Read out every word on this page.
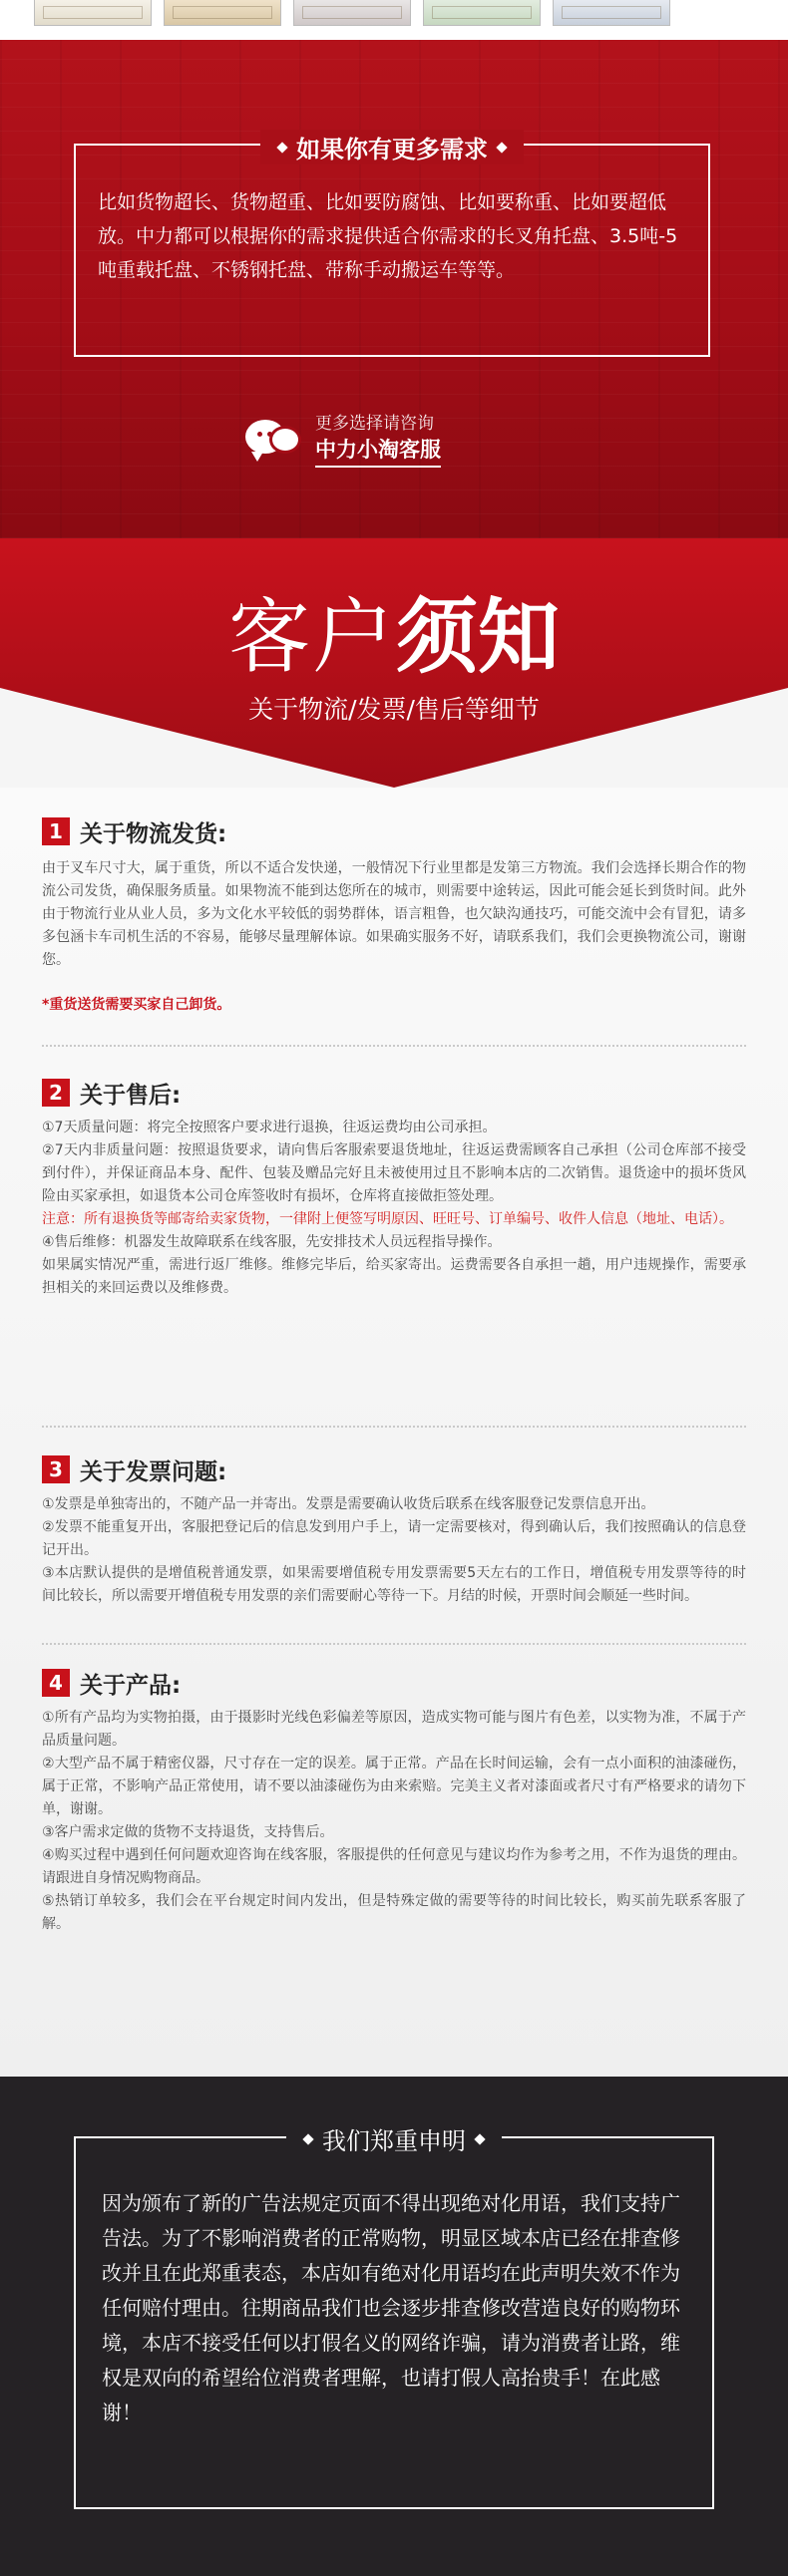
如果你有更多需求
比如货物超长、货物超重、比如要防腐蚀、比如要称重、比如要超低放。中力都可以根据你的需求提供适合你需求的长叉角托盘、3.5吨-5吨重载托盘、不锈钢托盘、带称手动搬运车等等。
更多选择请咨询
中力小淘客服
客户须知
关于物流/发票/售后等细节
1 关于物流发货:
由于叉车尺寸大，属于重货，所以不适合发快递，一般情况下行业里都是发第三方物流。我们会选择长期合作的物流公司发货，确保服务质量。如果物流不能到达您所在的城市，则需要中途转运，因此可能会延长到货时间。此外由于物流行业从业人员，多为文化水平较低的弱势群体，语言粗鲁，也欠缺沟通技巧，可能交流中会有冒犯，请多多包涵卡车司机生活的不容易，能够尽量理解体谅。如果确实服务不好，请联系我们，我们会更换物流公司，谢谢您。
*重货送货需要买家自己卸货。
2 关于售后:
①7天质量问题：将完全按照客户要求进行退换，往返运费均由公司承担。
②7天内非质量问题：按照退货要求，请向售后客服索要退货地址，往返运费需顾客自己承担（公司仓库部不接受到付件），并保证商品本身、配件、包装及赠品完好且未被使用过且不影响本店的二次销售。退货途中的损坏货风险由买家承担，如退货本公司仓库签收时有损坏，仓库将直接做拒签处理。
注意：所有退换货等邮寄给卖家货物，一律附上便签写明原因、旺旺号、订单编号、收件人信息（地址、电话）。
④售后维修：机器发生故障联系在线客服，先安排技术人员远程指导操作。
如果属实情况严重，需进行返厂维修。维修完毕后，给买家寄出。运费需要各自承担一趟，用户违规操作，需要承担相关的来回运费以及维修费。
3 关于发票问题:
①发票是单独寄出的，不随产品一并寄出。发票是需要确认收货后联系在线客服登记发票信息开出。
②发票不能重复开出，客服把登记后的信息发到用户手上，请一定需要核对，得到确认后，我们按照确认的信息登记开出。
③本店默认提供的是增值税普通发票，如果需要增值税专用发票需要5天左右的工作日，增值税专用发票等待的时间比较长，所以需要开增值税专用发票的亲们需要耐心等待一下。月结的时候，开票时间会顺延一些时间。
4 关于产品:
①所有产品均为实物拍摄，由于摄影时光线色彩偏差等原因，造成实物可能与图片有色差，以实物为准，不属于产品质量问题。
②大型产品不属于精密仪器，尺寸存在一定的误差。属于正常。产品在长时间运输，会有一点小面积的油漆碰伤，属于正常，不影响产品正常使用，请不要以油漆碰伤为由来索赔。完美主义者对漆面或者尺寸有严格要求的请勿下单，谢谢。
③客户需求定做的货物不支持退货，支持售后。
④购买过程中遇到任何问题欢迎咨询在线客服，客服提供的任何意见与建议均作为参考之用，不作为退货的理由。请跟进自身情况购物商品。
⑤热销订单较多，我们会在平台规定时间内发出，但是特殊定做的需要等待的时间比较长，购买前先联系客服了解。
我们郑重申明
因为颁布了新的广告法规定页面不得出现绝对化用语，我们支持广告法。为了不影响消费者的正常购物，明显区域本店已经在排查修改并且在此郑重表态，本店如有绝对化用语均在此声明失效不作为任何赔付理由。往期商品我们也会逐步排查修改营造良好的购物环境，本店不接受任何以打假名义的网络诈骗，请为消费者让路，维权是双向的希望给位消费者理解，也请打假人高抬贵手！在此感谢！
